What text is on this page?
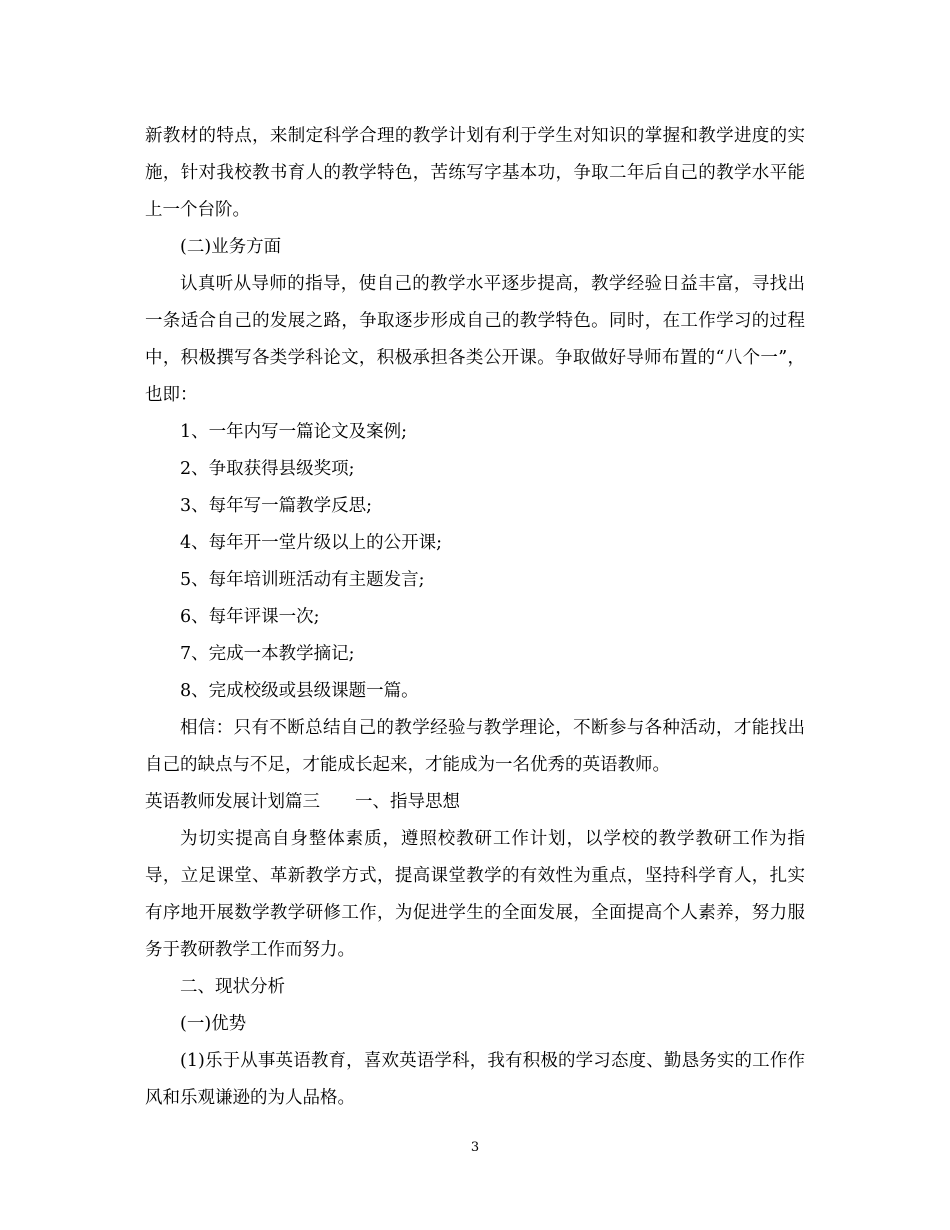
新教材的特点，来制定科学合理的教学计划有利于学生对知识的掌握和教学进度的实施，针对我校教书育人的教学特色，苦练写字基本功，争取二年后自己的教学水平能上一个台阶。

(二)业务方面

认真听从导师的指导，使自己的教学水平逐步提高，教学经验日益丰富，寻找出一条适合自己的发展之路，争取逐步形成自己的教学特色。同时，在工作学习的过程中，积极撰写各类学科论文，积极承担各类公开课。争取做好导师布置的“八个一”，也即：

1、一年内写一篇论文及案例;

2、争取获得县级奖项;

3、每年写一篇教学反思;

4、每年开一堂片级以上的公开课;

5、每年培训班活动有主题发言;

6、每年评课一次;

7、完成一本教学摘记;

8、完成校级或县级课题一篇。

相信：只有不断总结自己的教学经验与教学理论，不断参与各种活动，才能找出自己的缺点与不足，才能成长起来，才能成为一名优秀的英语教师。

英语教师发展计划篇三　　一、指导思想

为切实提高自身整体素质，遵照校教研工作计划，以学校的教学教研工作为指导，立足课堂、革新教学方式，提高课堂教学的有效性为重点，坚持科学育人，扎实有序地开展数学教学研修工作，为促进学生的全面发展，全面提高个人素养，努力服务于教研教学工作而努力。

二、现状分析

(一)优势

(1)乐于从事英语教育，喜欢英语学科，我有积极的学习态度、勤恳务实的工作作风和乐观谦逊的为人品格。

3
